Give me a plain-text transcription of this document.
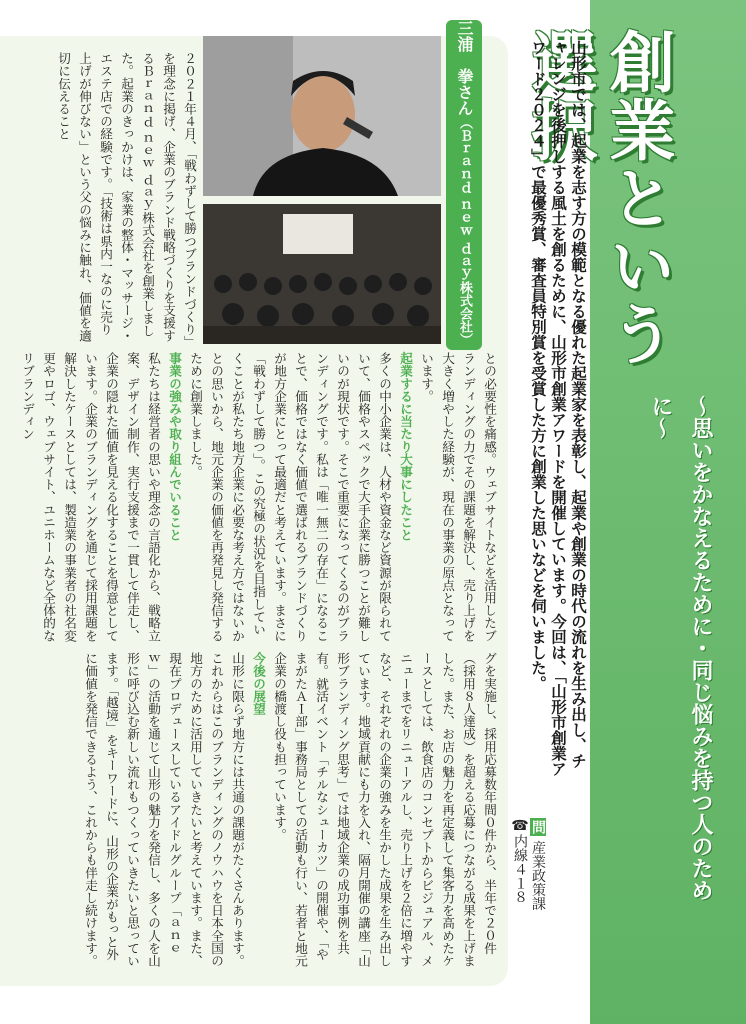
創業という選択
～思いをかなえるために・同じ悩みを持つ人のために～
山形市では、起業を志す方の模範となる優れた起業家を表彰し、起業や創業の時代の流れを生み出し、チャレンジを後押しする風土を創るために、山形市創業アワードを開催しています。今回は、「山形市創業アワード２０２４」で最優秀賞、審査員特別賞を受賞した方に創業した思いなどを伺いました。
三浦　拳さん（Ｂｒａｎｄ ｎｅｗ ｄａｙ株式会社）
２０２１年４月、「戦わずして勝つブランドづくり」を理念に掲げ、企業のブランド戦略づくりを支援するＢｒａｎｄ ｎｅｗ ｄａｙ株式会社を創業しました。起業のきっかけは、家業の整体・マッサージ・エステ店での経験です。「技術は県内一なのに売り上げが伸びない」という父の悩みに触れ、価値を適切に伝えること
との必要性を痛感。ウェブサイトなどを活用したブランディングの力でその課題を解決し、売り上げを大きく増やした経験が、現在の事業の原点となっています。
起業するに当たり大事にしたこと
多くの中小企業は、人材や資金など資源が限られていて、価格やスペックで大手企業に勝つことが難しいのが現状です。そこで重要になってくるのがブランディングです。私は「唯一無二の存在」になることで、価格ではなく価値で選ばれるブランドづくりが地方企業にとって最適だと考えています。まさに「戦わずして勝つ」。この究極の状況を目指していくことが私たち地方企業に必要な考え方ではないかとの思いから、地元企業の価値を再発見し発信するために創業しました。
事業の強みや取り組んでいること
私たちは経営者の思いや理念の言語化から、戦略立案、デザイン制作、実行支援まで一貫して伴走し、企業の隠れた価値を見える化することを得意としています。企業のブランディングを通じて採用課題を解決したケースとしては、製造業の事業者の社名変更やロゴ、ウェブサイト、ユニホームなど全体的なリブランディン
グを実施し、採用応募数年間０件から、半年で２０件（採用８人達成）を超える応募につながる成果を上げました。また、お店の魅力を再定義して集客力を高めたケースとしては、飲食店のコンセプトからビジュアル、メニューまでをリニューアルし、売り上げを２倍に増やすなど、それぞれの企業の強みを生かした成果を生み出しています。地域貢献にも力を入れ、隔月開催の講座「山形ブランディング思考」では地域企業の成功事例を共有。就活イベント「チルなシューカツ」の開催や、「やまがたＡＩ部」事務局としての活動も行い、若者と地元企業の橋渡し役も担っています。
今後の展望
山形に限らず地方には共通の課題がたくさんあります。これからはこのブランディングのノウハウを日本全国の地方のために活用していきたいと考えています。また、現在プロデュースしているアイドルグループ「ａｎｅｗ」の活動を通じて山形の魅力を発信し、多くの人を山形に呼び込む新しい流れもつくっていきたいと思っています。「越境」をキーワードに、山形の企業がもっと外に価値を発信できるよう、これからも伴走し続けます。	問 産業政策課
☎内線４１８
